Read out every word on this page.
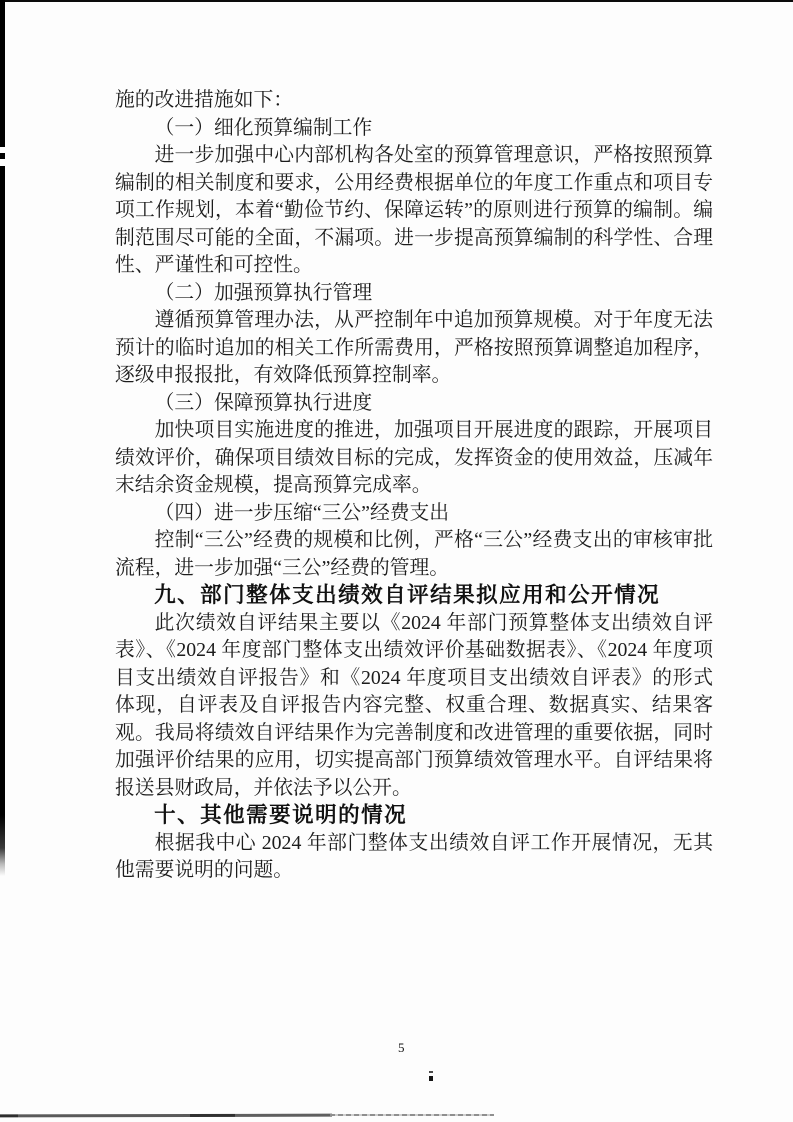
施的改进措施如下：
（一）细化预算编制工作
进一步加强中心内部机构各处室的预算管理意识，严格按照预算编制的相关制度和要求，公用经费根据单位的年度工作重点和项目专项工作规划，本着“勤俭节约、保障运转”的原则进行预算的编制。编制范围尽可能的全面，不漏项。进一步提高预算编制的科学性、合理性、严谨性和可控性。
（二）加强预算执行管理
遵循预算管理办法，从严控制年中追加预算规模。对于年度无法预计的临时追加的相关工作所需费用，严格按照预算调整追加程序，逐级申报报批，有效降低预算控制率。
（三）保障预算执行进度
加快项目实施进度的推进，加强项目开展进度的跟踪，开展项目绩效评价，确保项目绩效目标的完成，发挥资金的使用效益，压减年末结余资金规模，提高预算完成率。
（四）进一步压缩“三公”经费支出
控制“三公”经费的规模和比例，严格“三公”经费支出的审核审批流程，进一步加强“三公”经费的管理。
九、部门整体支出绩效自评结果拟应用和公开情况
此次绩效自评结果主要以《2024 年部门预算整体支出绩效自评表》、《2024 年度部门整体支出绩效评价基础数据表》、《2024 年度项目支出绩效自评报告》和《2024 年度项目支出绩效自评表》的形式体现，自评表及自评报告内容完整、权重合理、数据真实、结果客观。我局将绩效自评结果作为完善制度和改进管理的重要依据，同时加强评价结果的应用，切实提高部门预算绩效管理水平。自评结果将报送县财政局，并依法予以公开。
十、其他需要说明的情况
根据我中心 2024 年部门整体支出绩效自评工作开展情况，无其他需要说明的问题。
5
